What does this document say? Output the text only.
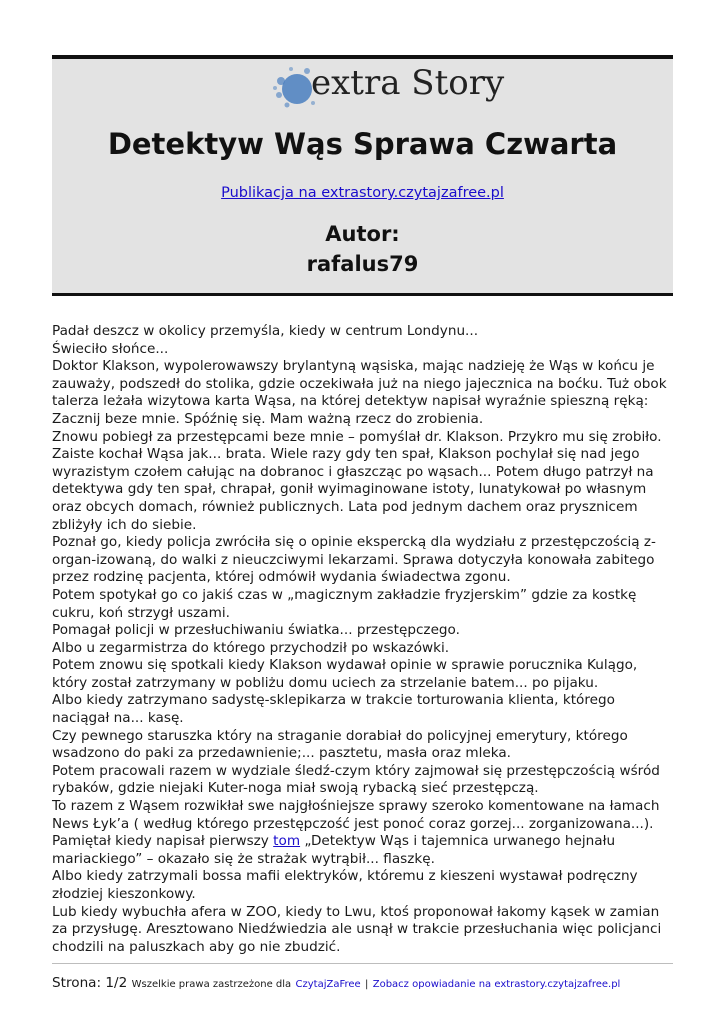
extra Story
Detektyw Wąs Sprawa Czwarta
Publikacja na extrastory.czytajzafree.pl
Autor:
rafalus79

Padał deszcz w okolicy przemyśla, kiedy w centrum Londynu...

Świeciło słońce...

Doktor Klakson, wypolerowawszy brylantyną wąsiska, mając nadzieję że Wąs w końcu je zauważy, podszedł do stolika, gdzie oczekiwała już na niego jajecznica na boćku. Tuż obok talerza leżała wizytowa karta Wąsa, na której detektyw napisał wyraźnie spieszną ręką: Zacznij beze mnie. Spóźnię się. Mam ważną rzecz do zrobienia.

Znowu pobiegł za przestępcami beze mnie – pomyślał dr. Klakson. Przykro mu się zrobiło. Zaiste kochał Wąsa jak... brata. Wiele razy gdy ten spał, Klakson pochylał się nad jego wyrazistym czołem całując na dobranoc i głaszcząc po wąsach... Potem długo patrzył na detektywa gdy ten spał, chrapał, gonił wyimaginowane istoty, lunatykował po własnym oraz obcych domach, również publicznych. Lata pod jednym dachem oraz prysznicem zbliżyły ich do siebie.

Poznał go, kiedy policja zwróciła się o opinie ekspercką dla wydziału z przestępczością z-organ-izowaną, do walki z nieuczciwymi lekarzami. Sprawa dotyczyła konowała zabitego przez rodzinę pacjenta, której odmówił wydania świadectwa zgonu.

Potem spotykał go co jakiś czas w „magicznym zakładzie fryzjerskim” gdzie za kostkę cukru, koń strzygł uszami.

Pomagał policji w przesłuchiwaniu światka... przestępczego.

Albo u zegarmistrza do którego przychodził po wskazówki.

Potem znowu się spotkali kiedy Klakson wydawał opinie w sprawie porucznika Kulągo, który został zatrzymany w pobliżu domu uciech za strzelanie batem... po pijaku.

Albo kiedy zatrzymano sadystę-sklepikarza w trakcie torturowania klienta, którego naciągał na... kasę.

Czy pewnego staruszka który na straganie dorabiał do policyjnej emerytury, którego wsadzono do paki za przedawnienie;... pasztetu, masła oraz mleka.

Potem pracowali razem w wydziale śledź-czym który zajmował się przestępczością wśród rybaków, gdzie niejaki Kuter-noga miał swoją rybacką sieć przestępczą.

To razem z Wąsem rozwikłał swe najgłośniejsze sprawy szeroko komentowane na łamach News Łyk’a ( według którego przestępczość jest ponoć coraz gorzej... zorganizowana...).

Pamiętał kiedy napisał pierwszy tom „Detektyw Wąs i tajemnica urwanego hejnału mariackiego” – okazało się że strażak wytrąbił... flaszkę.

Albo kiedy zatrzymali bossa mafii elektryków, któremu z kieszeni wystawał podręczny złodziej kieszonkowy.

Lub kiedy wybuchła afera w ZOO, kiedy to Lwu, ktoś proponował łakomy kąsek w zamian za przysługę. Aresztowano Niedźwiedzia ale usnął w trakcie przesłuchania więc policjanci chodzili na paluszkach aby go nie zbudzić.

Strona: 1/2 Wszelkie prawa zastrzeżone dla CzytajZaFree | Zobacz opowiadanie na extrastory.czytajzafree.pl
